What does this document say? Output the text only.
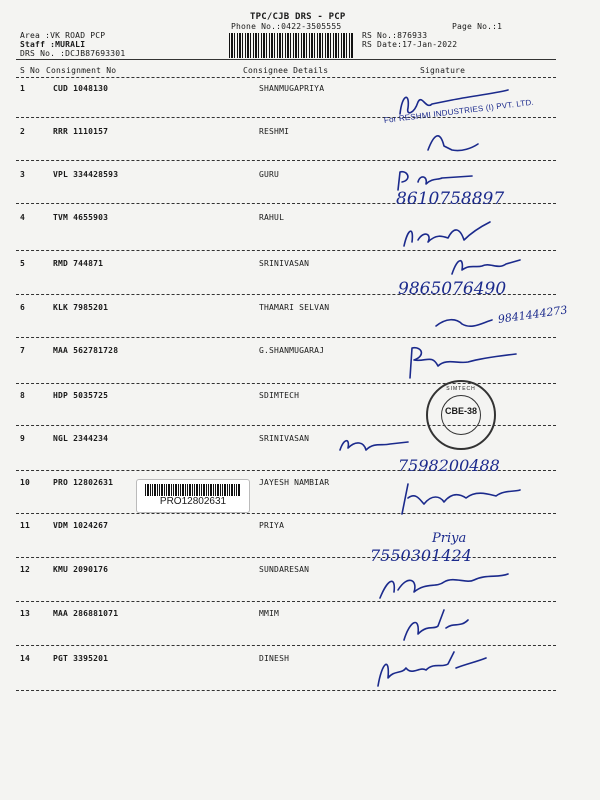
TPC/CJB DRS - PCP
Phone No.:0422-3505555
Area :VK ROAD PCP
Staff :MURALI
DRS No. :DCJB87693301
RS No.:876933
RS Date:17-Jan-2022
Page No.:1
S No Consignment No	Consignee Details	Signature
1	CUD 1048130	SHANMUGAPRIYA
2	RRR 1110157	RESHMI
3	VPL 334428593	GURU
4	TVM 4655903	RAHUL
5	RMD 744871	SRINIVASAN
6	KLK 7985201	THAMARI SELVAN
7	MAA 562781728	G.SHANMUGARAJ
8	HDP 5035725	SDIMTECH
9	NGL 2344234	SRINIVASAN
10	PRO 12802631	JAYESH NAMBIAR
11	VDM 1024267	PRIYA
12	KMU 2090176	SUNDARESAN
13	MAA 286881071	MMIM
14	PGT 3395201	DINESH
PRO12802631
For RESHMI INDUSTRIES (I) PVT. LTD.
SIMTECH
CBE-38
8610758897
9865076490
9841444273
7598200488
7550301424
Priya
